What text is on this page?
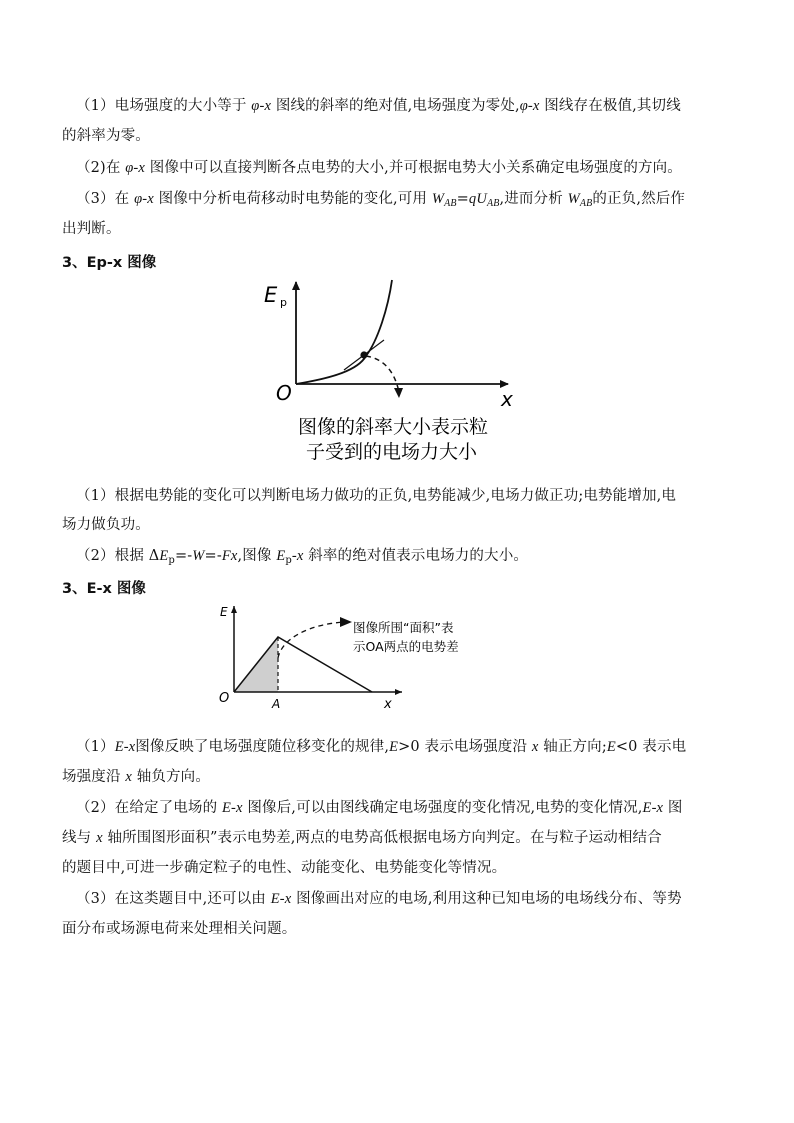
（1）电场强度的大小等于 φ-x 图线的斜率的绝对值,电场强度为零处,φ-x 图线存在极值,其切线
的斜率为零。
（2)在 φ-x 图像中可以直接判断各点电势的大小,并可根据电势大小关系确定电场强度的方向。
（3）在 φ-x 图像中分析电荷移动时电势能的变化,可用 $W_{AB}=qU_{AB}$,进而分析 $W_{AB}$的正负,然后作
出判断。
3、Ep-x 图像
E p
O	x
图像的斜率大小表示粒
子受到的电场力大小
（1）根据电势能的变化可以判断电场力做功的正负,电势能减少,电场力做正功;电势能增加,电
场力做负功。
（2）根据 $\Delta E_p=-W=-Fx$,图像 $E_p-x$ 斜率的绝对值表示电场力的大小。
3、E-x 图像
E
O	A	x
图像所围“面积”表
示OA两点的电势差
（1）E-x图像反映了电场强度随位移变化的规律,E>0 表示电场强度沿 x 轴正方向;E<0 表示电
场强度沿 x 轴负方向。
（2）在给定了电场的 E-x 图像后,可以由图线确定电场强度的变化情况,电势的变化情况,E-x 图
线与 x 轴所围图形面积”表示电势差,两点的电势高低根据电场方向判定。在与粒子运动相结合
的题目中,可进一步确定粒子的电性、动能变化、电势能变化等情况。
（3）在这类题目中,还可以由 E-x 图像画出对应的电场,利用这种已知电场的电场线分布、等势
面分布或场源电荷来处理相关问题。
